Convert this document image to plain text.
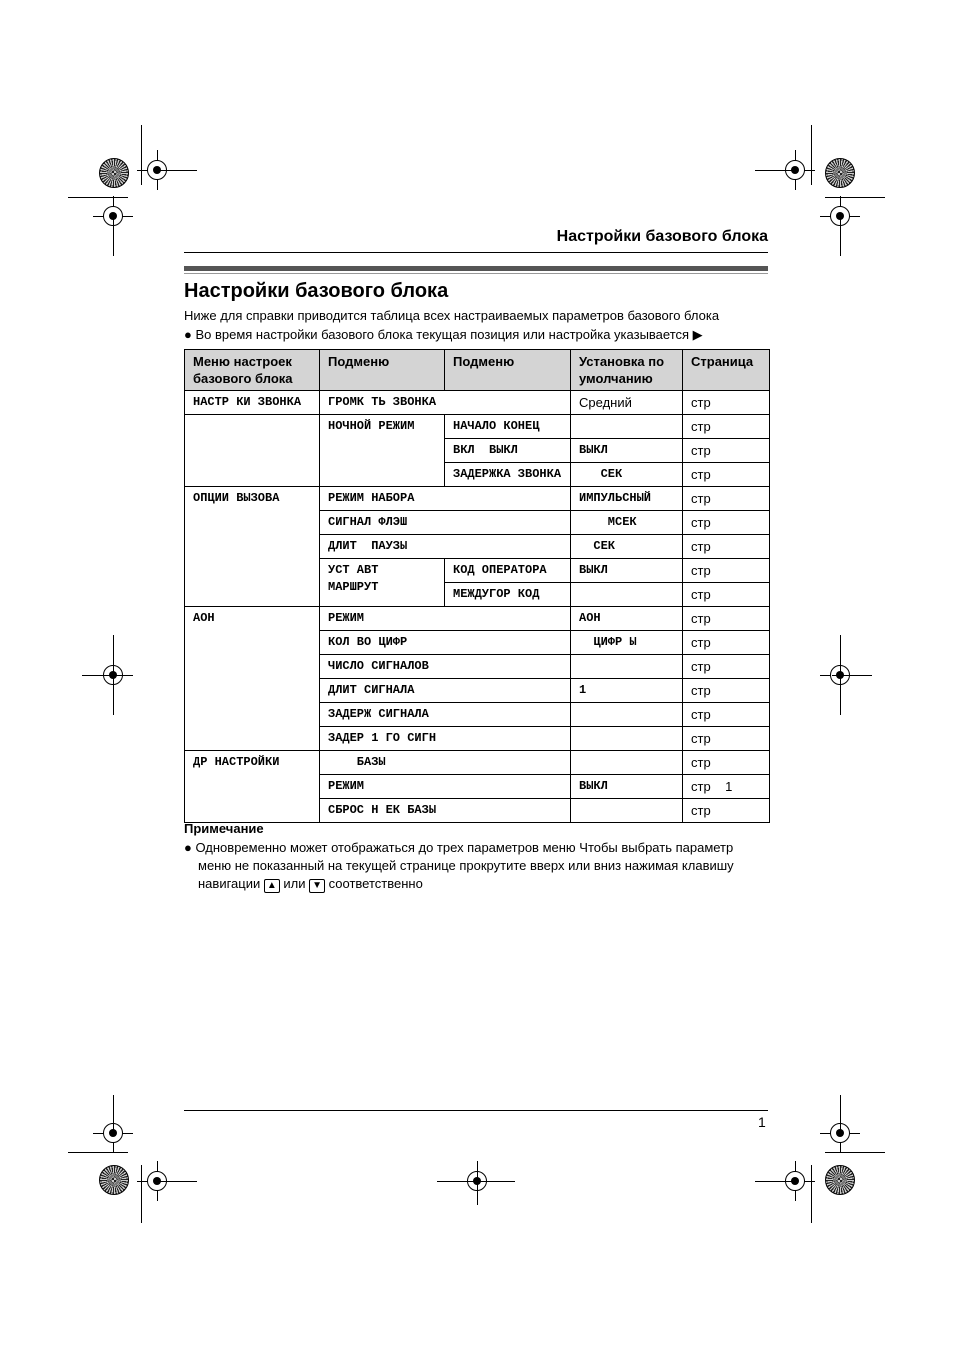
Настройки базового блока
Настройки базового блока
Ниже для справки приводится таблица всех настраиваемых параметров базового блока
● Во время настройки базового блока текущая позиция или настройка указывается ▶
Меню настроек базового блока	Подменю	Подменю	Установка по умолчанию	Страница
НАСТР КИ ЗВОНКА	ГРОМК ТЬ ЗВОНКА		Средний	стр
	НОЧНОЙ РЕЖИМ	НАЧАЛО КОНЕЦ		стр
		ВКЛ  ВЫКЛ	ВЫКЛ	стр
		ЗАДЕРЖКА ЗВОНКА	СЕК	стр
ОПЦИИ ВЫЗОВА	РЕЖИМ НАБОРА		ИМПУЛЬСНЫЙ	стр
	СИГНАЛ ФЛЭШ		МСЕК	стр
	ДЛИТ  ПАУЗЫ		СЕК	стр
	УСТ АВТ МАРШРУТ	КОД ОПЕРАТОРА	ВЫКЛ	стр
		МЕЖДУГОР КОД		стр
АОН	РЕЖИМ		АОН	стр
	КОЛ ВО ЦИФР		ЦИФР Ы	стр
	ЧИСЛО СИГНАЛОВ			стр
	ДЛИТ СИГНАЛА		1	стр
	ЗАДЕРЖ СИГНАЛА			стр
	ЗАДЕР 1 ГО СИГН			стр
ДР НАСТРОЙКИ	БАЗЫ			стр
	РЕЖИМ		ВЫКЛ	стр    1
	СБРОС Н ЕК БАЗЫ			стр
Примечание
● Одновременно может отображаться до трех параметров меню Чтобы выбрать параметр
меню не показанный на текущей странице прокрутите вверх или вниз нажимая клавишу
навигации ▲ или ▼ соответственно
1
